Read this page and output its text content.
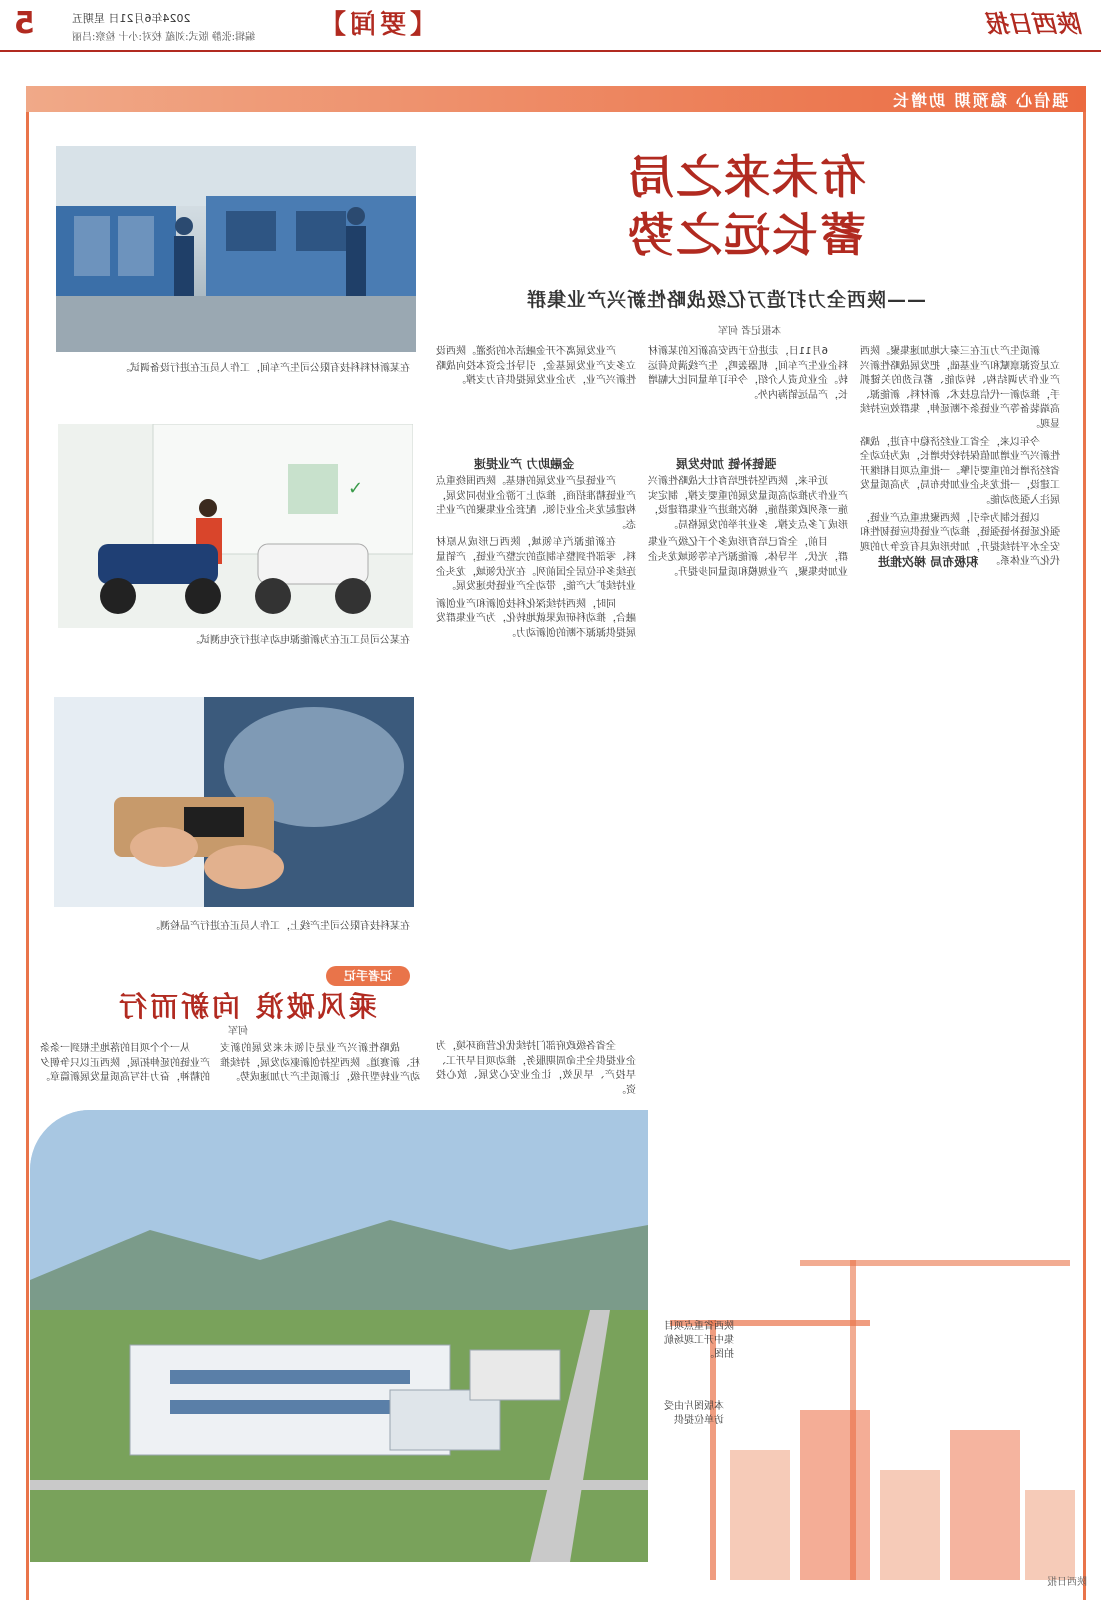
5	2024年6月21日 星期五
编辑:张静 版式:刘蕴 校对:小十 检察:吕丽 【要闻】	陕西日报
强信心 稳预期 助增长
布未来之局
蓄长远之势
——陕西全力打造万亿级战略性新兴产业集群
本报记者 何军

新质生产力正在三秦大地加速集聚。陕西立足资源禀赋和产业基础，把发展战略性新兴产业作为调结构、转动能、蓄后劲的关键抓手，推动新一代信息技术、新材料、新能源、高端装备等产业链条不断延伸，集群效应持续显现。

今年以来，全省工业经济稳中有进，战略性新兴产业增加值保持较快增长，成为拉动全省经济增长的重要引擎。一批重点项目相继开工建设，一批龙头企业加快布局，为高质量发展注入强劲动能。

以链长制为牵引，陕西聚焦重点产业链，强化延链补链强链，推动产业链供应链韧性和安全水平持续提升，加快形成具有竞争力的现代化产业体系。

积极布局 梯次推进

6月11日，走进位于西安高新区的某新材料企业生产车间，机器轰鸣，生产线满负荷运转。企业负责人介绍，今年订单量同比大幅增长，产品远销海内外。

近年来，陕西坚持把培育壮大战略性新兴产业作为推动高质量发展的重要支撑，制定实施一系列政策措施，梯次推进产业集群建设，形成了多点支撑、多业并举的发展格局。

目前，全省已培育形成多个千亿级产业集群，光伏、半导体、新能源汽车等领域龙头企业加快集聚，产业规模和质量同步提升。

强链补链 加快发展

产业链是产业发展的根基。陕西围绕重点产业链精准招商，推动上下游企业协同发展，构建起龙头企业引领、配套企业集聚的产业生态。

在新能源汽车领域，陕西已形成从原材料、零部件到整车制造的完整产业链，产销量连续多年位居全国前列。在光伏领域，龙头企业持续扩大产能，带动全产业链快速发展。

同时，陕西持续深化科技创新和产业创新融合，推动科研成果就地转化，为产业集群发展提供源源不断的创新动力。

金融助力 产业提速

产业发展离不开金融活水的浇灌。陕西设立多支产业发展基金，引导社会资本投向战略性新兴产业，为企业发展提供有力支撑。

全省各级政府部门持续优化营商环境，为企业提供全生命周期服务，推动项目早开工、早投产、早见效，让企业安心发展、放心投资。

在某新材料科技有限公司生产车间，工作人员正在进行设备调试。
✓
在某公司员工正在为新能源电动车进行充电测试。
在某科技有限公司生产线上，工作人员正在进行产品检测。
记者手记
乘风破浪 向新而行
何军

战略性新兴产业是引领未来发展的新支柱、新赛道。陕西坚持创新驱动发展，持续推动产业转型升级，让新质生产力加速成势。

从一个个项目的落地生根到一条条产业链的延伸拓展，陕西正以只争朝夕的精神，奋力书写高质量发展新篇章。

陕西省重点项目集中开工现场航拍图。
本版图片由受访单位提供
陕西日报
